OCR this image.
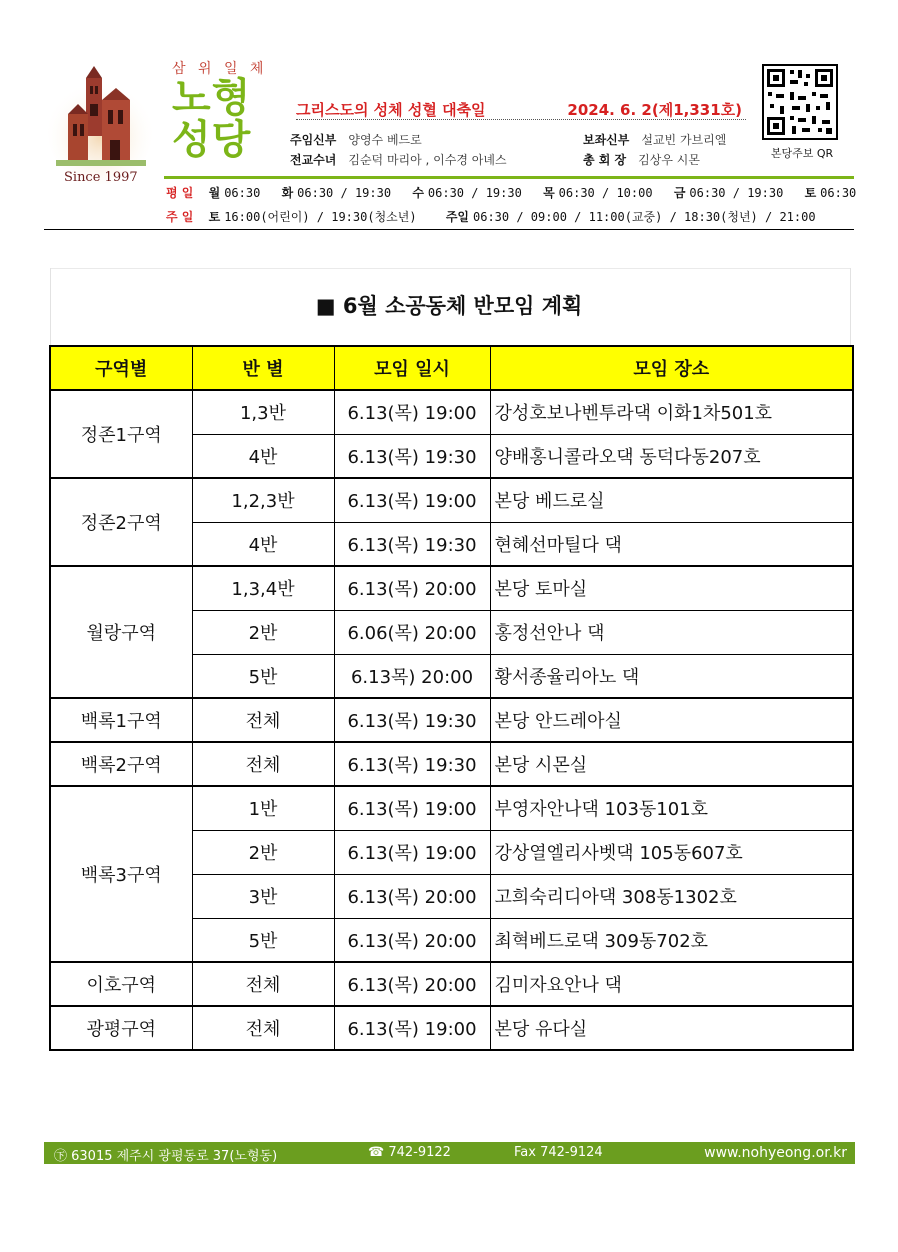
Since 1997
삼 위 일 체
노형
성당
그리스도의 성체 성혈 대축일	2024. 6. 2(제1,331호)
주임신부 양영수 베드로	보좌신부 설교빈 가브리엘
전교수녀 김순덕 마리아 , 이수경 아녜스	총 회 장 김상우 시몬	본당주보 QR
평 일 월 06:30 화 06:30 / 19:30 수 06:30 / 19:30 목 06:30 / 10:00 금 06:30 / 19:30 토 06:30
주 일 토 16:00(어린이) / 19:30(청소년) 주일 06:30 / 09:00 / 11:00(교중) / 18:30(청년) / 21:00
■ 6월 소공동체 반모임 계획
구역별	반 별	모임 일시	모임 장소
정존1구역	1,3반	6.13(목) 19:00	강성호보나벤투라댁 이화1차501호
	4반	6.13(목) 19:30	양배홍니콜라오댁 동덕다동207호
정존2구역	1,2,3반	6.13(목) 19:00	본당 베드로실
	4반	6.13(목) 19:30	현혜선마틸다 댁
월랑구역	1,3,4반	6.13(목) 20:00	본당 토마실
	2반	6.06(목) 20:00	홍정선안나 댁
	5반	6.13목) 20:00	황서종율리아노 댁
백록1구역	전체	6.13(목) 19:30	본당 안드레아실
백록2구역	전체	6.13(목) 19:30	본당 시몬실
백록3구역	1반	6.13(목) 19:00	부영자안나댁 103동101호
	2반	6.13(목) 19:00	강상열엘리사벳댁 105동607호
	3반	6.13(목) 20:00	고희숙리디아댁 308동1302호
	5반	6.13(목) 20:00	최혁베드로댁 309동702호
이호구역	전체	6.13(목) 20:00	김미자요안나 댁
광평구역	전체	6.13(목) 19:00	본당 유다실
㊦ 63015 제주시 광평동로 37(노형동)	☎ 742-9122	Fax 742-9124	www.nohyeong.or.kr
